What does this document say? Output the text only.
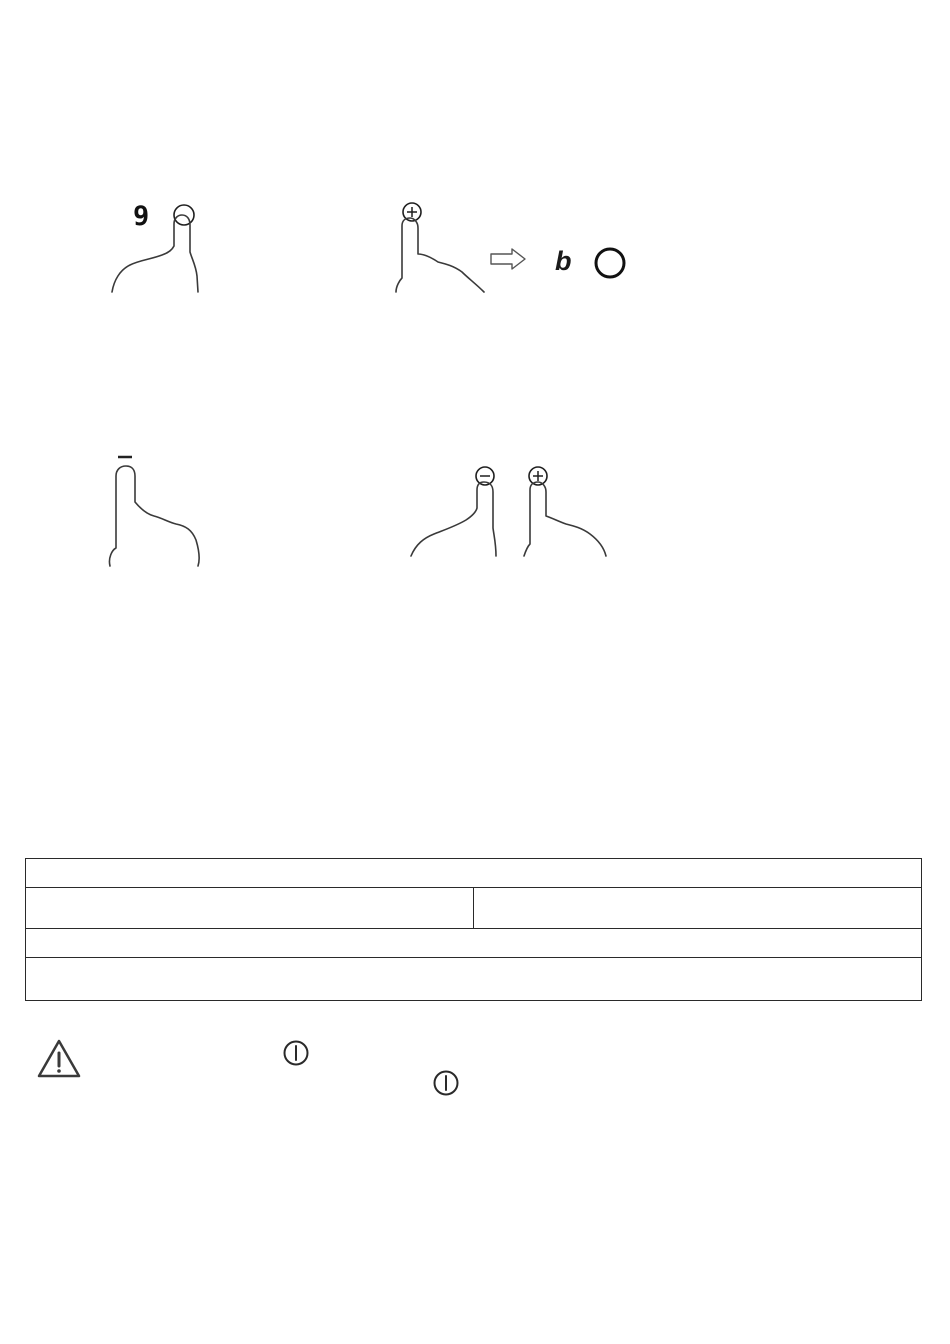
9
b
